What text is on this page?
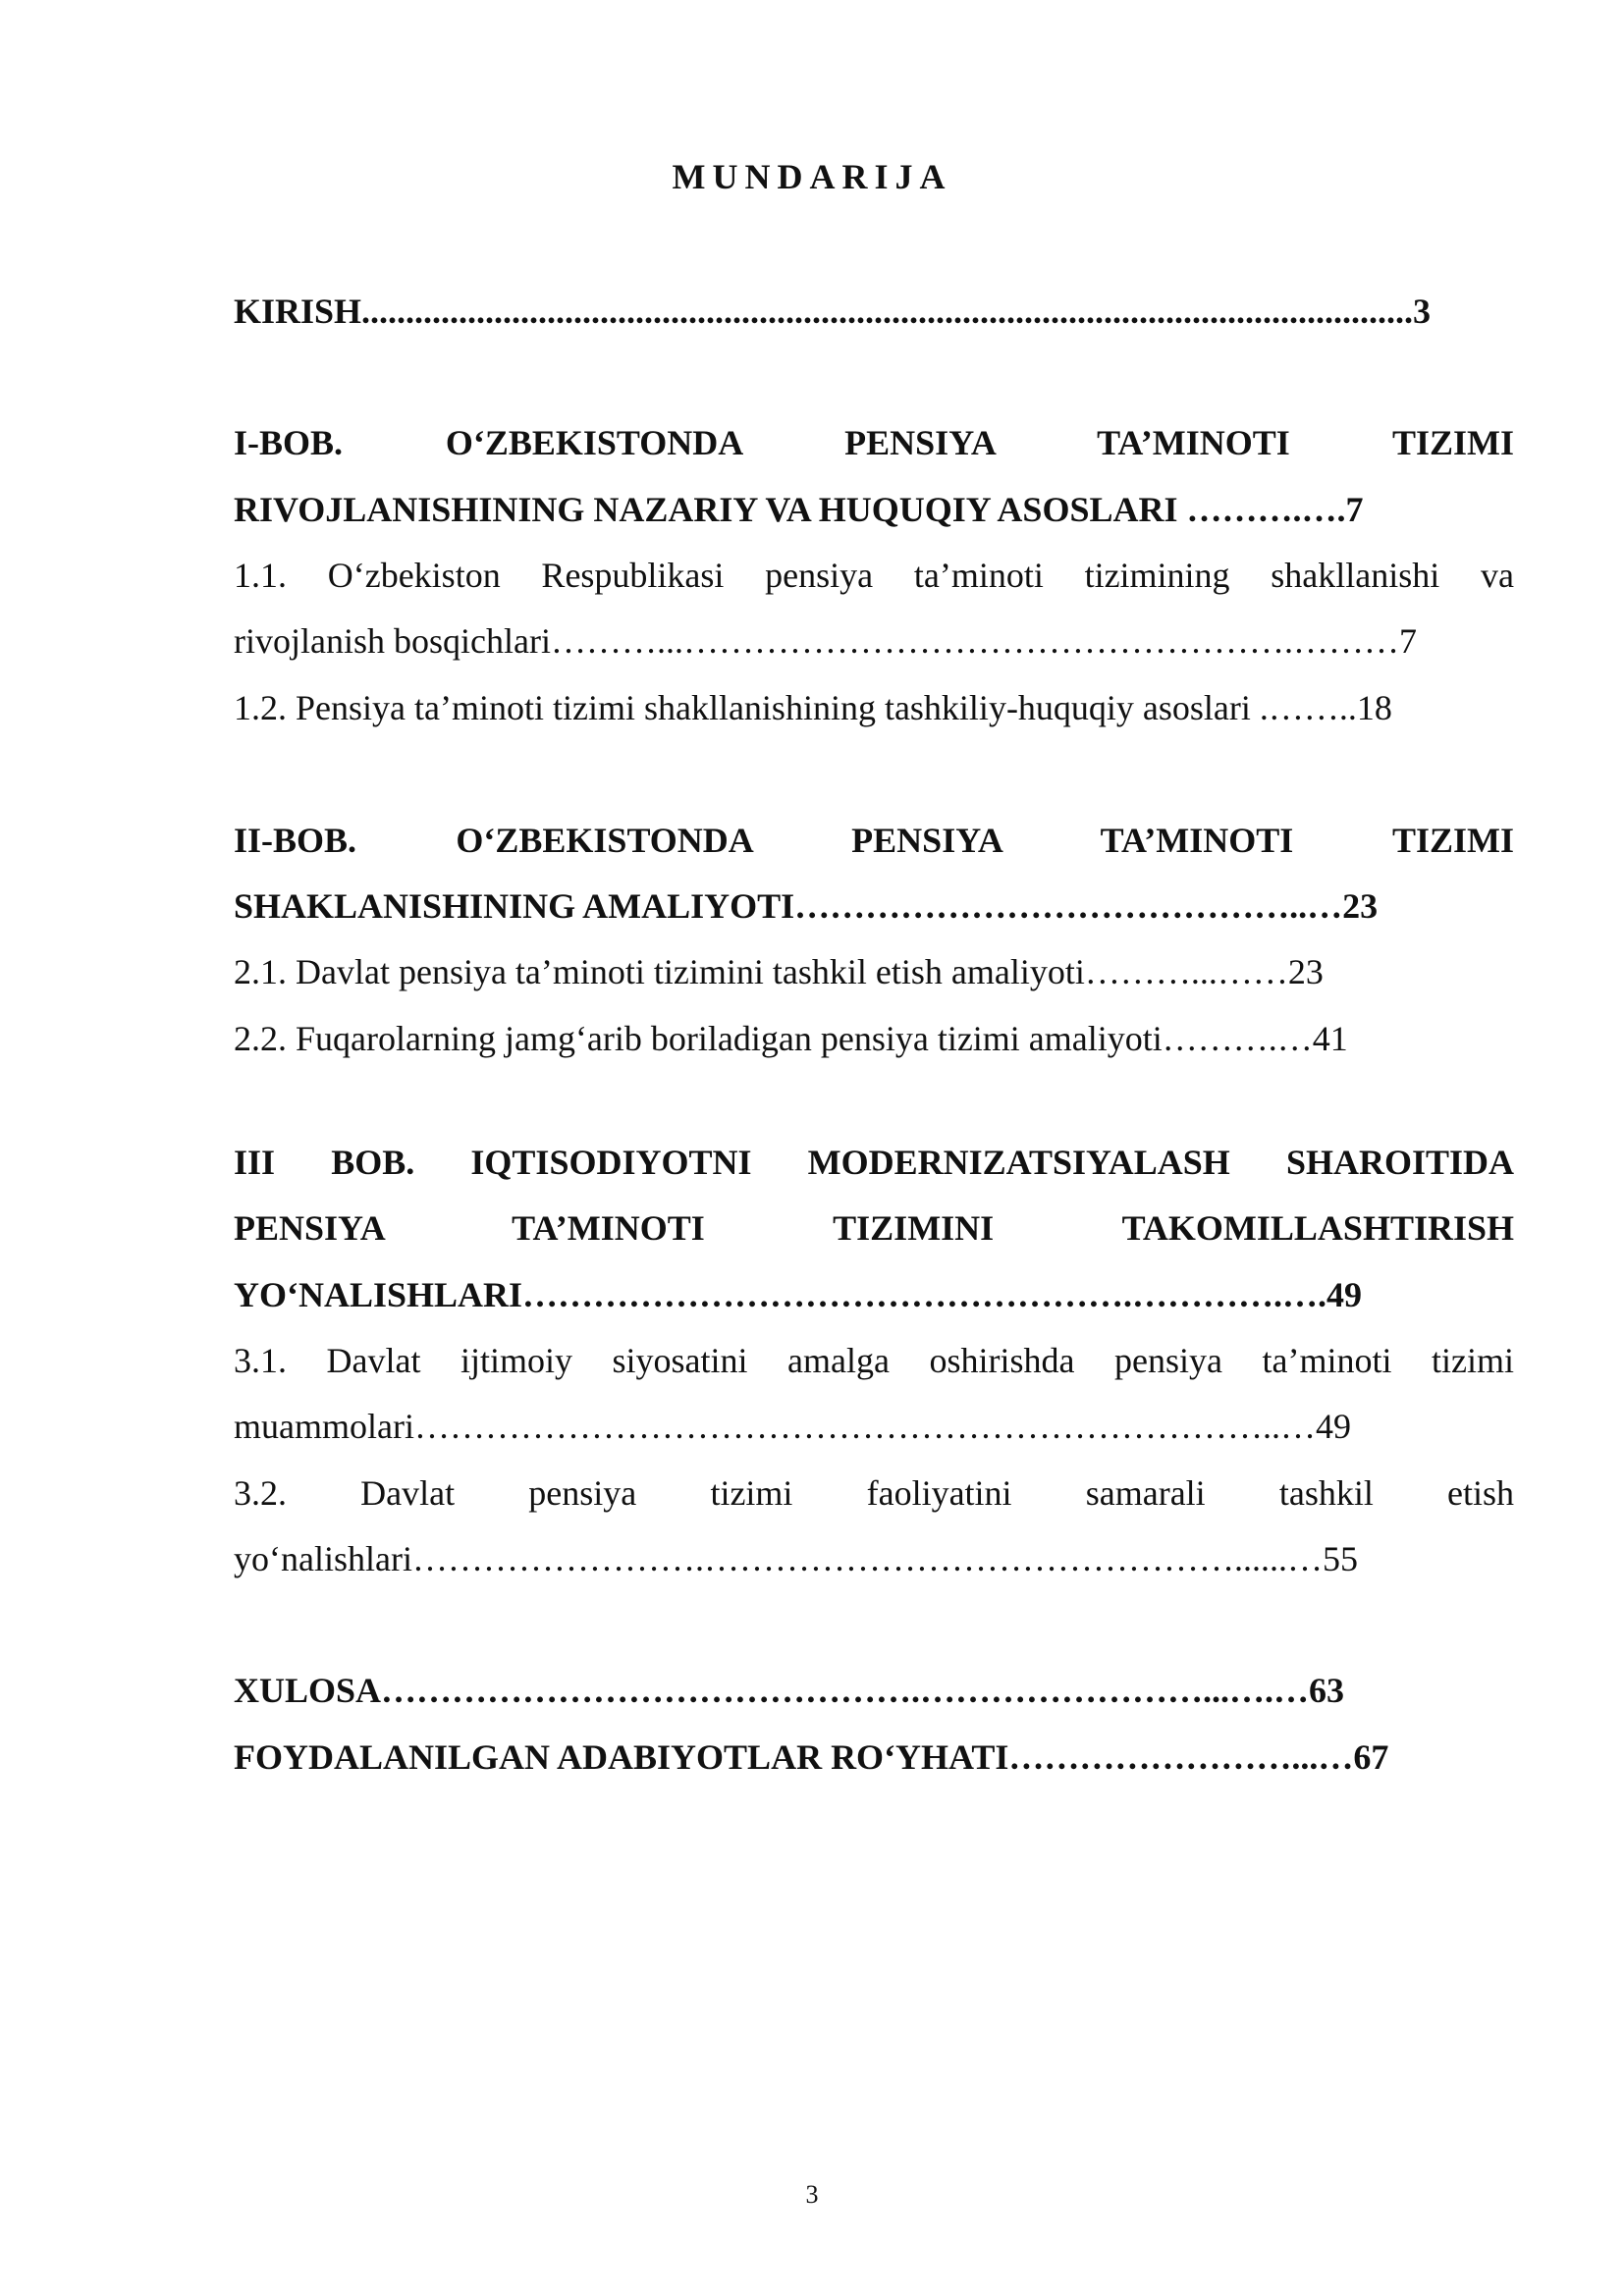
MUNDARIJA
KIRISH.......................................................................................................................3
I-BOB. O‘ZBEKISTONDA PENSIYA TA’MINOTI TIZIMI
RIVOJLANISHINING NAZARIY VA HUQUQIY ASOSLARI ……….….7
1.1. O‘zbekiston Respublikasi pensiya ta’minoti tizimining shakllanishi va
rivojlanish bosqichlari………...…………………………………………….………7
1.2. Pensiya ta’minoti tizimi shakllanishining tashkiliy-huquqiy asoslari .……..18
II-BOB. O‘ZBEKISTONDA PENSIYA TA’MINOTI TIZIMI
SHAKLANISHINING AMALIYOTI……………………………………..…23
2.1. Davlat pensiya ta’minoti tizimini tashkil etish amaliyoti………...……23
2.2. Fuqarolarning jamg‘arib boriladigan pensiya tizimi amaliyoti……….…41
III BOB. IQTISODIYOTNI MODERNIZATSIYALASH SHAROITIDA
PENSIYA TA’MINOTI TIZIMINI TAKOMILLASHTIRISH
YO‘NALISHLARI…………………………………………….………….….49
3.1. Davlat ijtimoiy siyosatini amalga oshirishda pensiya ta’minoti tizimi
muammolari………………………………………………………………..…49
3.2. Davlat pensiya tizimi faoliyatini samarali tashkil etish
yo‘nalishlari…………………….………………………………………......…55
XULOSA……………………………………….……………………...….…63
FOYDALANILGAN ADABIYOTLAR RO‘YHATI……………………...…67
3
